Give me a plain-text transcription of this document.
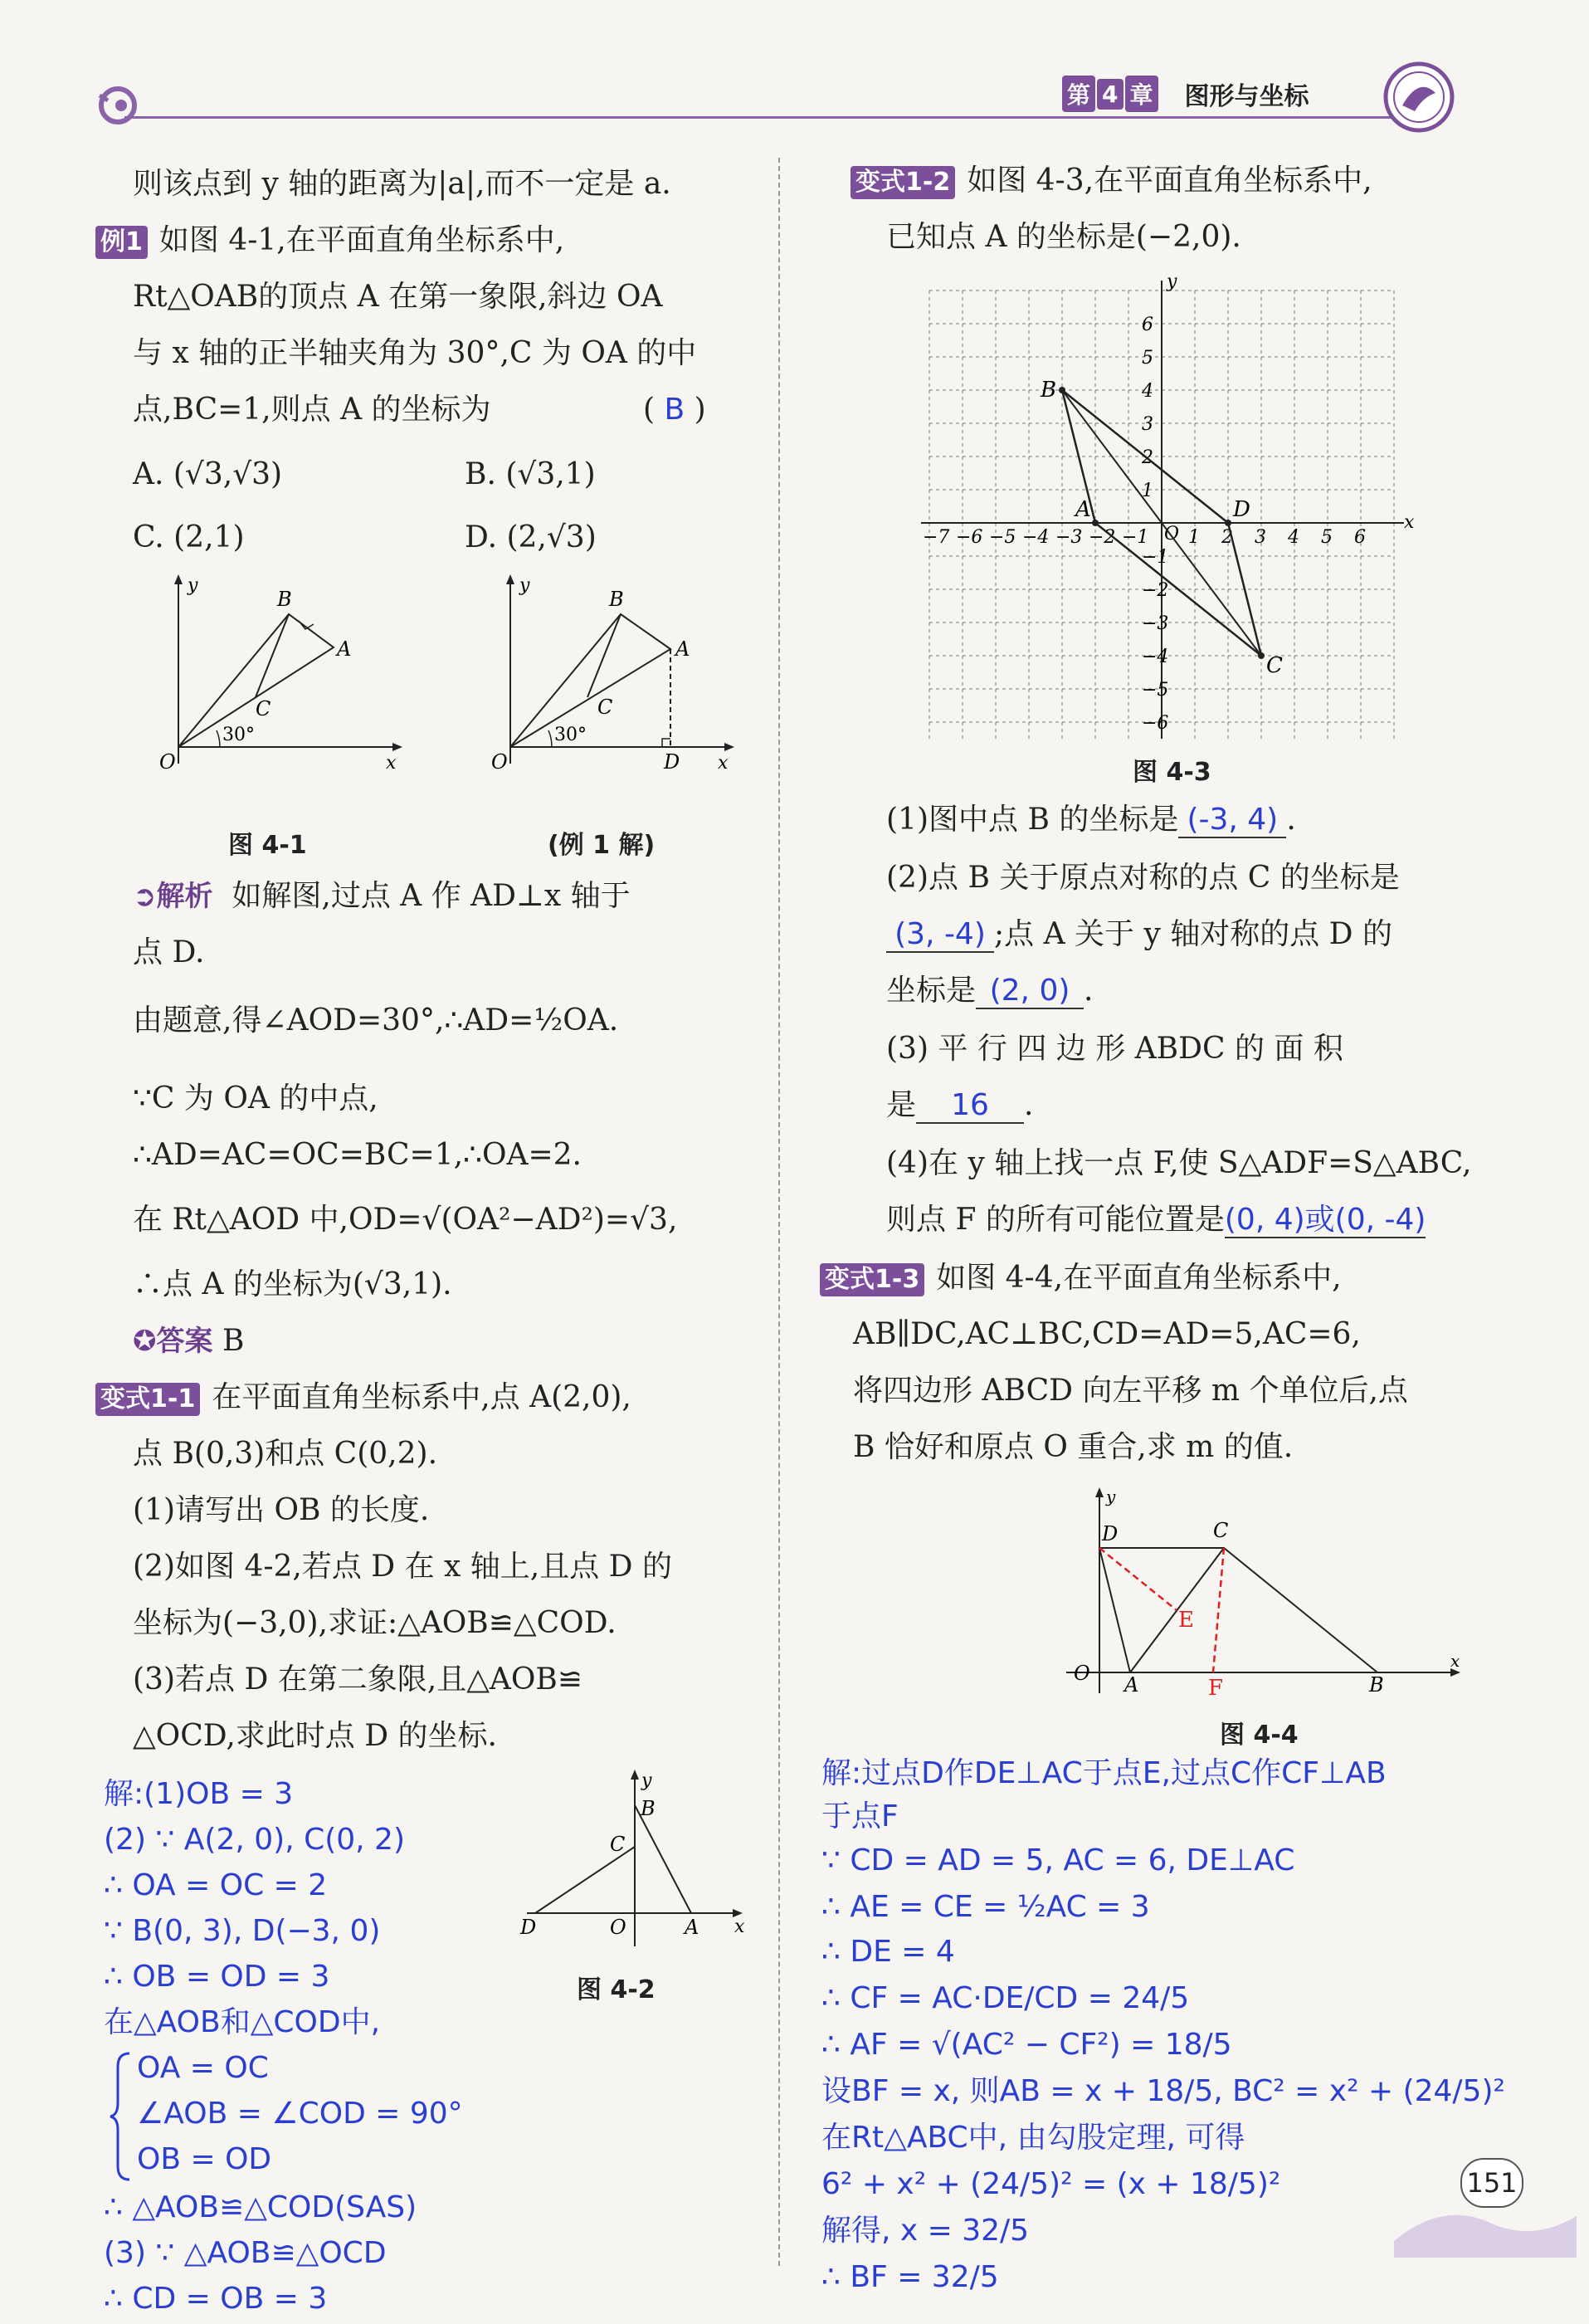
第 4 章 图形与坐标
则该点到 y 轴的距离为|a|,而不一定是 a.
例1 如图 4-1,在平面直角坐标系中,
Rt△OAB的顶点 A 在第一象限,斜边 OA
与 x 轴的正半轴夹角为 30°,C 为 OA 的中
点,BC=1,则点 A 的坐标为	( B )
A. (√3,√3)	B. (√3,1)
C. (2,1)	D. (2,√3)
y
O	x
B
A
C
30°
图 4-1
y
O	x
B
A
C
D
30°
(例 1 解)
➲解析 如解图,过点 A 作 AD⊥x 轴于
点 D.
由题意,得∠AOD=30°,∴AD=½OA.
∵C 为 OA 的中点,
∴AD=AC=OC=BC=1,∴OA=2.
在 Rt△AOD 中,OD=√(OA²−AD²)=√3,
∴点 A 的坐标为(√3,1).
✪答案 B
变式1-1 在平面直角坐标系中,点 A(2,0),
点 B(0,3)和点 C(0,2).
(1)请写出 OB 的长度.
(2)如图 4-2,若点 D 在 x 轴上,且点 D 的
坐标为(−3,0),求证:△AOB≌△COD.
(3)若点 D 在第二象限,且△AOB≌
△OCD,求此时点 D 的坐标.
y
x
O
D	A
C
B
图 4-2
解:(1)OB = 3
(2) ∵ A(2, 0), C(0, 2)
∴ OA = OC = 2
∵ B(0, 3), D(−3, 0)
∴ OB = OD = 3
在△AOB和△COD中,
OA = OC
∠AOB = ∠COD = 90°
OB = OD
∴ △AOB≌△COD(SAS)
(3) ∵ △AOB≌△OCD
∴ CD = OB = 3
变式1-2 如图 4-3,在平面直角坐标系中,
已知点 A 的坐标是(−2,0).
x
y
O
−7 −6
−6
−5
−5
−4
−4
−3
−3
−2
−2
−1
−1
1
1
2
2
3
3
4
4
5
5
6
6
A
B
C
D
图 4-3
(1)图中点 B 的坐标是 (-3, 4) .
(2)点 B 关于原点对称的点 C 的坐标是
(3, -4) ;点 A 关于 y 轴对称的点 D 的
坐标是 (2, 0) .
(3) 平 行 四 边 形 ABDC 的 面 积
是 16 .
(4)在 y 轴上找一点 F,使 S△ADF=S△ABC,
则点 F 的所有可能位置是(0, 4)或(0, -4)
变式1-3 如图 4-4,在平面直角坐标系中,
AB∥DC,AC⊥BC,CD=AD=5,AC=6,
将四边形 ABCD 向左平移 m 个单位后,点
B 恰好和原点 O 重合,求 m 的值.
y
x
O
D	C
A	B
E
F
图 4-4
解:过点D作DE⊥AC于点E,过点C作CF⊥AB
于点F
∵ CD = AD = 5, AC = 6, DE⊥AC
∴ AE = CE = ½AC = 3
∴ DE = 4
∴ CF = AC·DE/CD = 24/5
∴ AF = √(AC² − CF²) = 18/5
设BF = x, 则AB = x + 18/5, BC² = x² + (24/5)²
在Rt△ABC中, 由勾股定理, 可得
6² + x² + (24/5)² = (x + 18/5)²
解得, x = 32/5
∴ BF = 32/5
151
